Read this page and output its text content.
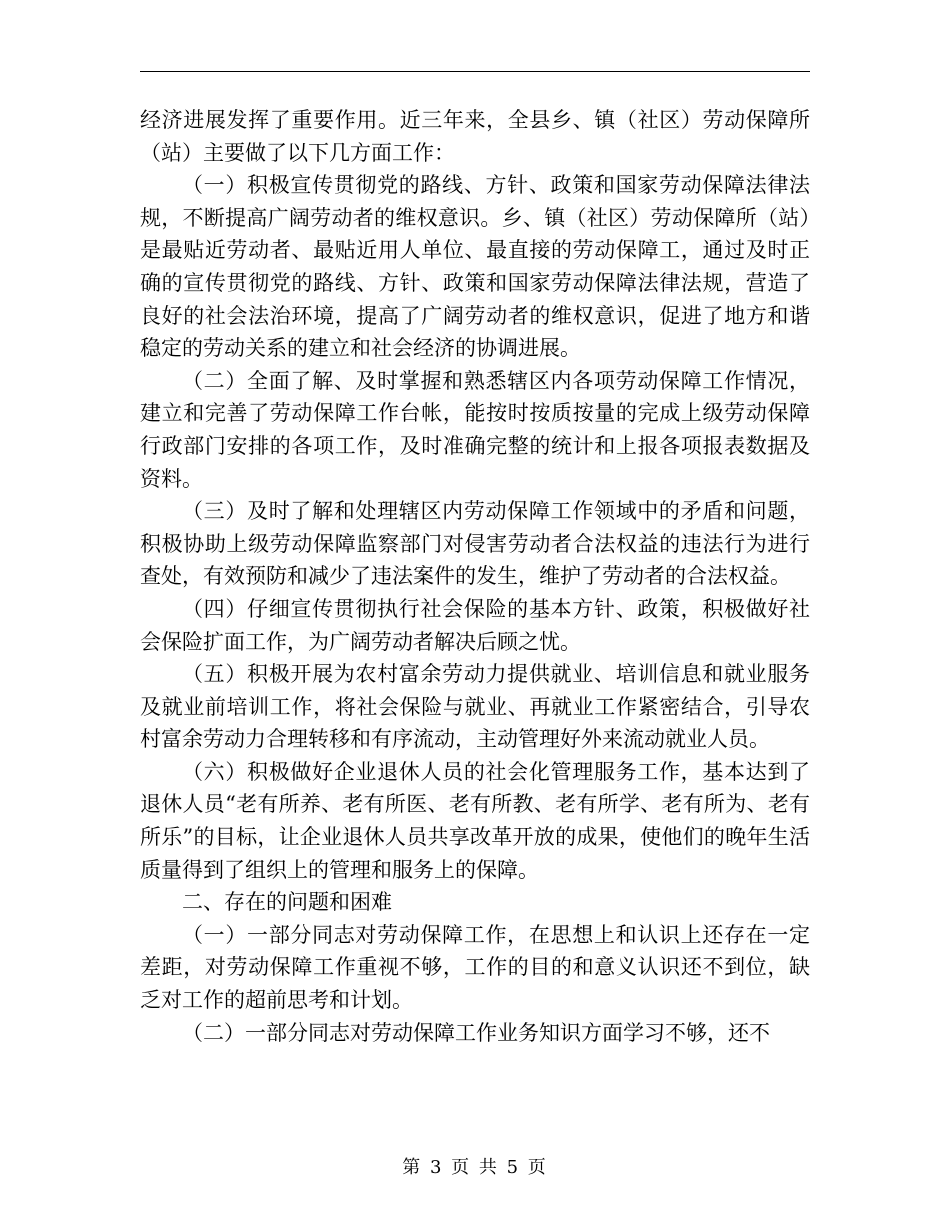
经济进展发挥了重要作用。近三年来，全县乡、镇（社区）劳动保障所（站）主要做了以下几方面工作：

（一）积极宣传贯彻党的路线、方针、政策和国家劳动保障法律法规，不断提高广阔劳动者的维权意识。乡、镇（社区）劳动保障所（站）是最贴近劳动者、最贴近用人单位、最直接的劳动保障工，通过及时正确的宣传贯彻党的路线、方针、政策和国家劳动保障法律法规，营造了良好的社会法治环境，提高了广阔劳动者的维权意识，促进了地方和谐稳定的劳动关系的建立和社会经济的协调进展。

（二）全面了解、及时掌握和熟悉辖区内各项劳动保障工作情况，建立和完善了劳动保障工作台帐，能按时按质按量的完成上级劳动保障行政部门安排的各项工作，及时准确完整的统计和上报各项报表数据及资料。

（三）及时了解和处理辖区内劳动保障工作领域中的矛盾和问题，积极协助上级劳动保障监察部门对侵害劳动者合法权益的违法行为进行查处，有效预防和减少了违法案件的发生，维护了劳动者的合法权益。

（四）仔细宣传贯彻执行社会保险的基本方针、政策，积极做好社会保险扩面工作，为广阔劳动者解决后顾之忧。

（五）积极开展为农村富余劳动力提供就业、培训信息和就业服务及就业前培训工作，将社会保险与就业、再就业工作紧密结合，引导农村富余劳动力合理转移和有序流动，主动管理好外来流动就业人员。

（六）积极做好企业退休人员的社会化管理服务工作，基本达到了退休人员“老有所养、老有所医、老有所教、老有所学、老有所为、老有所乐”的目标，让企业退休人员共享改革开放的成果，使他们的晚年生活质量得到了组织上的管理和服务上的保障。

二、存在的问题和困难

（一）一部分同志对劳动保障工作，在思想上和认识上还存在一定差距，对劳动保障工作重视不够，工作的目的和意义认识还不到位，缺乏对工作的超前思考和计划。

（二）一部分同志对劳动保障工作业务知识方面学习不够，还不

第 3 页 共 5 页
